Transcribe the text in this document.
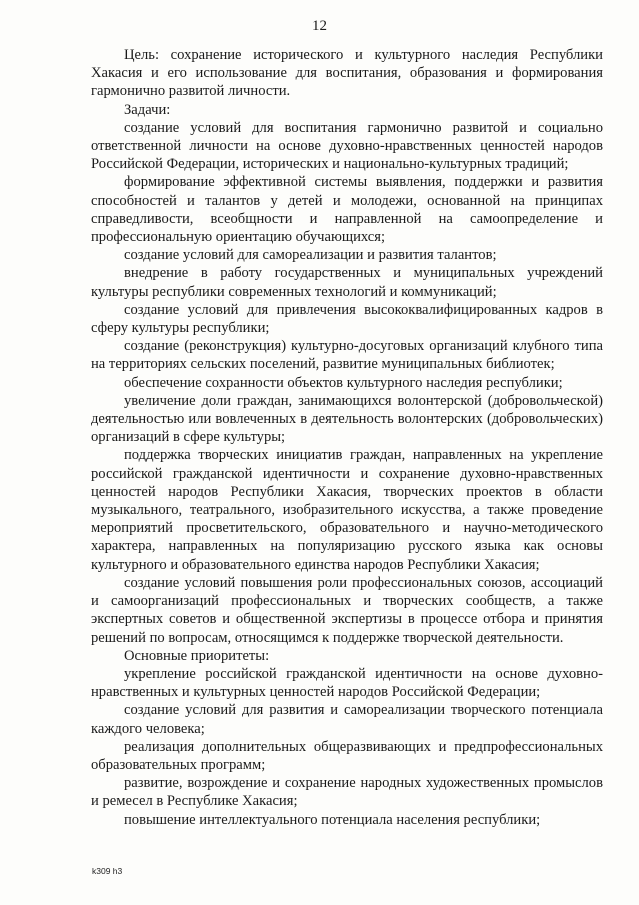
12

Цель: сохранение исторического и культурного наследия Республики Хакасия и его использование для воспитания, образования и формирования гармонично развитой личности.

Задачи:

создание условий для воспитания гармонично развитой и социально ответственной личности на основе духовно-нравственных ценностей народов Российской Федерации, исторических и национально-культурных традиций;

формирование эффективной системы выявления, поддержки и развития способностей и талантов у детей и молодежи, основанной на принципах справедливости, всеобщности и направленной на самоопределение и профессиональную ориентацию обучающихся;

создание условий для самореализации и развития талантов;

внедрение в работу государственных и муниципальных учреждений культуры республики современных технологий и коммуникаций;

создание условий для привлечения высококвалифицированных кадров в сферу культуры республики;

создание (реконструкция) культурно-досуговых организаций клубного типа на территориях сельских поселений, развитие муниципальных библиотек;

обеспечение сохранности объектов культурного наследия республики;

увеличение доли граждан, занимающихся волонтерской (добровольческой) деятельностью или вовлеченных в деятельность волонтерских (добровольческих) организаций в сфере культуры;

поддержка творческих инициатив граждан, направленных на укрепление российской гражданской идентичности и сохранение духовно-нравственных ценностей народов Республики Хакасия, творческих проектов в области музыкального, театрального, изобразительного искусства, а также проведение мероприятий просветительского, образовательного и научно-методического характера, направленных на популяризацию русского языка как основы культурного и образовательного единства народов Республики Хакасия;

создание условий повышения роли профессиональных союзов, ассоциаций и самоорганизаций профессиональных и творческих сообществ, а также экспертных советов и общественной экспертизы в процессе отбора и принятия решений по вопросам, относящимся к поддержке творческой деятельности.

Основные приоритеты:

укрепление российской гражданской идентичности на основе духовно-нравственных и культурных ценностей народов Российской Федерации;

создание условий для развития и самореализации творческого потенциала каждого человека;

реализация дополнительных общеразвивающих и предпрофессиональных образовательных программ;

развитие, возрождение и сохранение народных художественных промыслов и ремесел в Республике Хакасия;

повышение интеллектуального потенциала населения республики;

k309 h3
